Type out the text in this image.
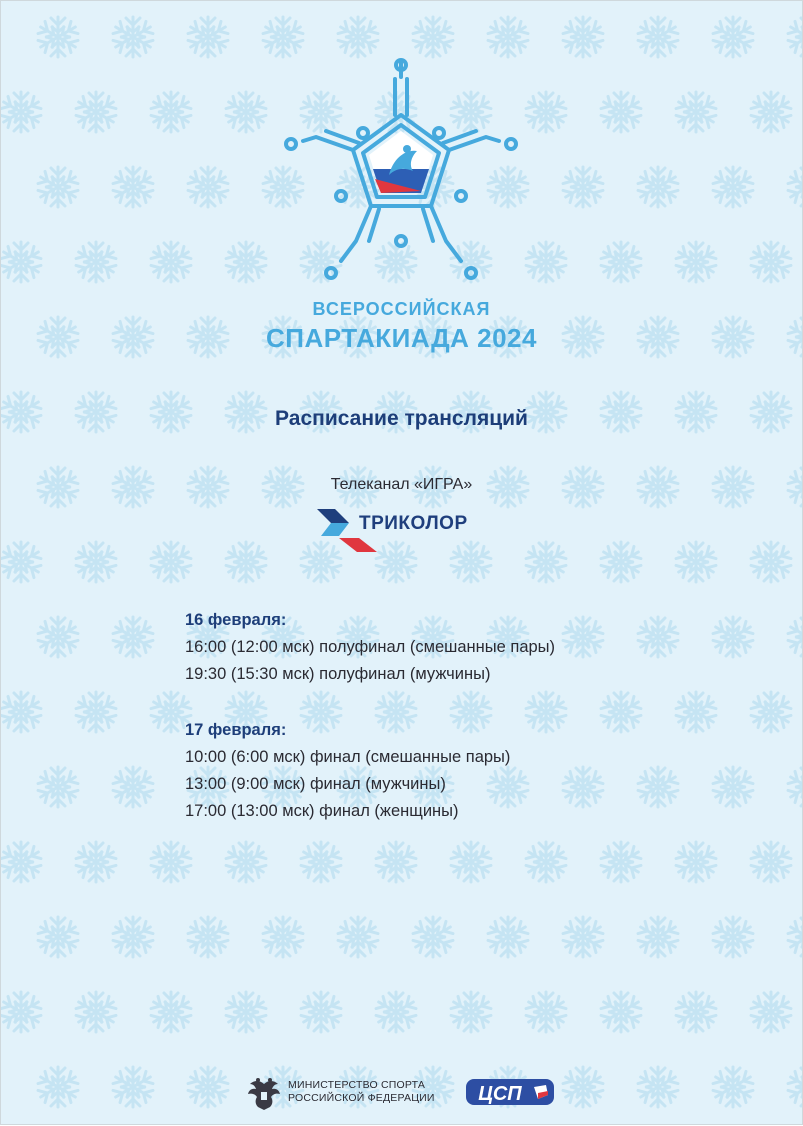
ВСЕРОССИЙСКАЯ
СПАРТАКИАДА 2024
Расписание трансляций
Телеканал «ИГРА»
ТРИКОЛОР
16 февраля:
16:00 (12:00 мск) полуфинал (смешанные пары)
19:30 (15:30 мск) полуфинал (мужчины)
17 февраля:
10:00 (6:00 мск) финал (смешанные пары)
13:00 (9:00 мск) финал (мужчины)
17:00 (13:00 мск) финал (женщины)
МИНИСТЕРСТВО СПОРТА
РОССИЙСКОЙ ФЕДЕРАЦИИ ЦСП
